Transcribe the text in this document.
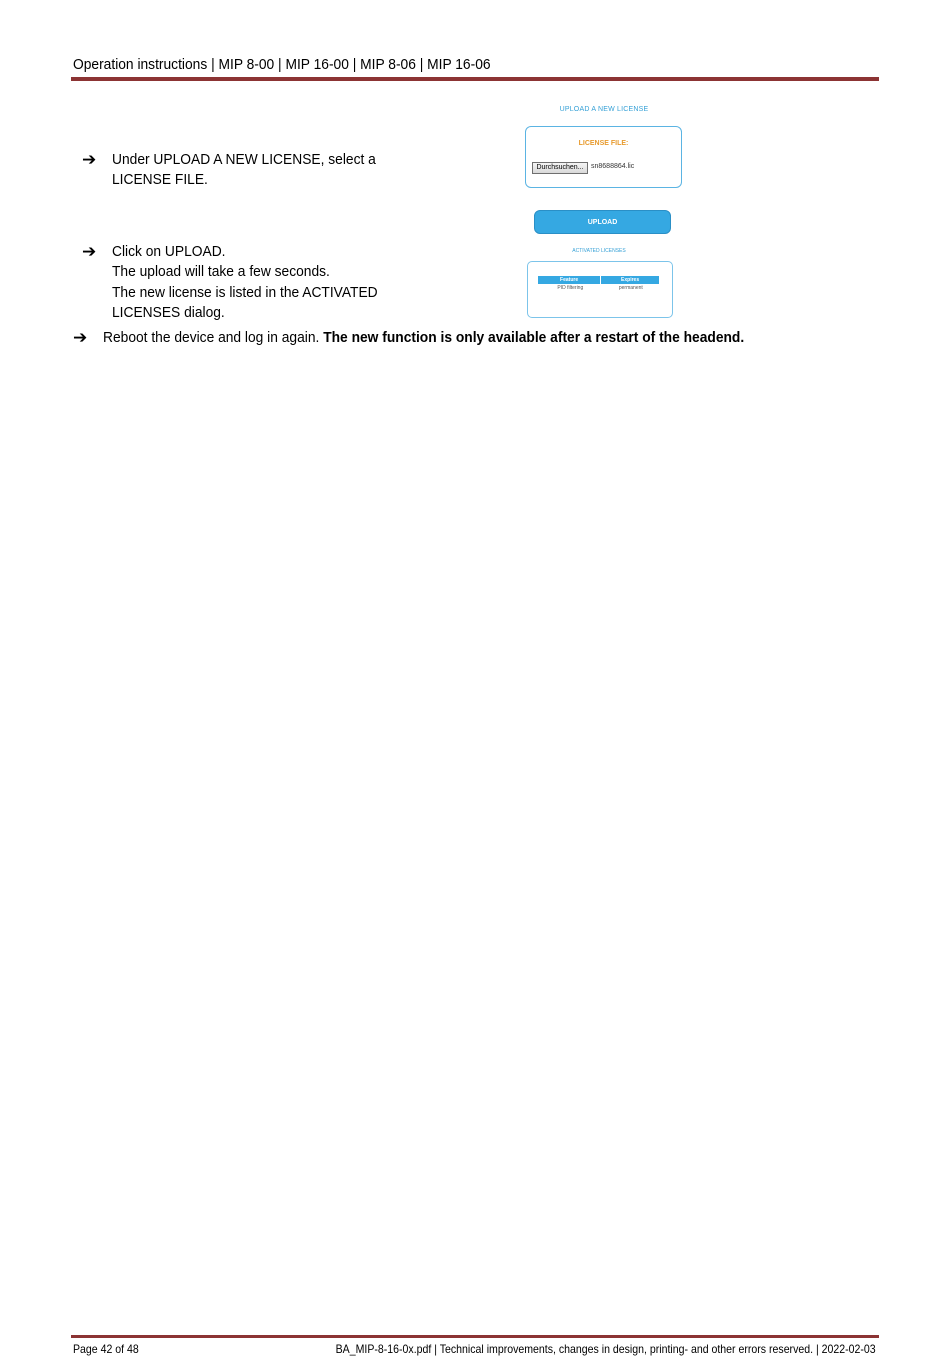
Operation instructions | MIP 8-00 | MIP 16-00 | MIP 8-06 | MIP 16-06
➔ Under UPLOAD A NEW LICENSE, select a
LICENSE FILE.
➔ Click on UPLOAD.
The upload will take a few seconds.
The new license is listed in the ACTIVATED
LICENSES dialog.
➔ Reboot the device and log in again. The new function is only available after a restart of the headend.
UPLOAD A NEW LICENSE
LICENSE FILE:
Durchsuchen...	sn8688864.lic
UPLOAD
ACTIVATED LICENSES
Feature	Expires
PID filtering	permanent
Page 42 of 48	BA_MIP-8-16-0x.pdf | Technical improvements, changes in design, printing- and other errors reserved. | 2022-02-03
